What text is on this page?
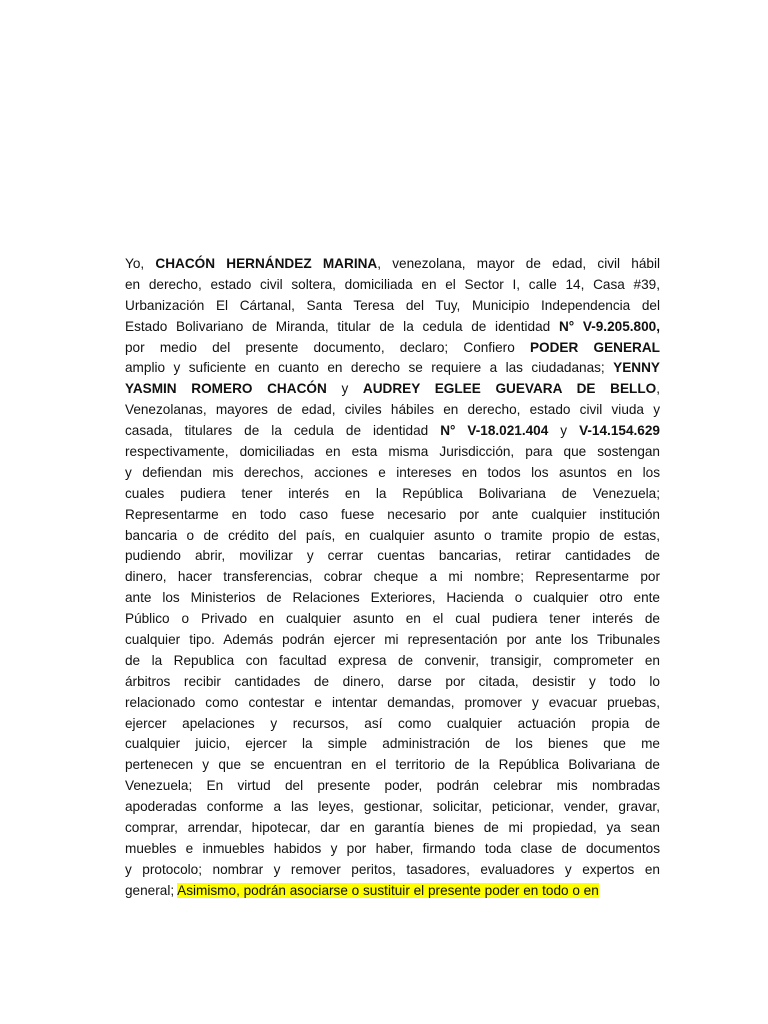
Yo, CHACÓN HERNÁNDEZ MARINA, venezolana, mayor de edad, civil hábil
en derecho, estado civil soltera, domiciliada en el Sector I, calle 14, Casa #39,
Urbanización El Cártanal, Santa Teresa del Tuy, Municipio Independencia del
Estado Bolivariano de Miranda, titular de la cedula de identidad N° V-9.205.800,
por medio del presente documento, declaro; Confiero PODER GENERAL
amplio y suficiente en cuanto en derecho se requiere a las ciudadanas; YENNY
YASMIN ROMERO CHACÓN y AUDREY EGLEE GUEVARA DE BELLO,
Venezolanas, mayores de edad, civiles hábiles en derecho, estado civil viuda y
casada, titulares de la cedula de identidad N° V-18.021.404 y V-14.154.629
respectivamente, domiciliadas en esta misma Jurisdicción, para que sostengan
y defiendan mis derechos, acciones e intereses en todos los asuntos en los
cuales pudiera tener interés en la República Bolivariana de Venezuela;
Representarme en todo caso fuese necesario por ante cualquier institución
bancaria o de crédito del país, en cualquier asunto o tramite propio de estas,
pudiendo abrir, movilizar y cerrar cuentas bancarias, retirar cantidades de
dinero, hacer transferencias, cobrar cheque a mi nombre; Representarme por
ante los Ministerios de Relaciones Exteriores, Hacienda o cualquier otro ente
Público o Privado en cualquier asunto en el cual pudiera tener interés de
cualquier tipo. Además podrán ejercer mi representación por ante los Tribunales
de la Republica con facultad expresa de convenir, transigir, comprometer en
árbitros recibir cantidades de dinero, darse por citada, desistir y todo lo
relacionado como contestar e intentar demandas, promover y evacuar pruebas,
ejercer apelaciones y recursos, así como cualquier actuación propia de
cualquier juicio, ejercer la simple administración de los bienes que me
pertenecen y que se encuentran en el territorio de la República Bolivariana de
Venezuela; En virtud del presente poder, podrán celebrar mis nombradas
apoderadas conforme a las leyes, gestionar, solicitar, peticionar, vender, gravar,
comprar, arrendar, hipotecar, dar en garantía bienes de mi propiedad, ya sean
muebles e inmuebles habidos y por haber, firmando toda clase de documentos
y protocolo; nombrar y remover peritos, tasadores, evaluadores y expertos en
general; Asimismo, podrán asociarse o sustituir el presente poder en todo o en
